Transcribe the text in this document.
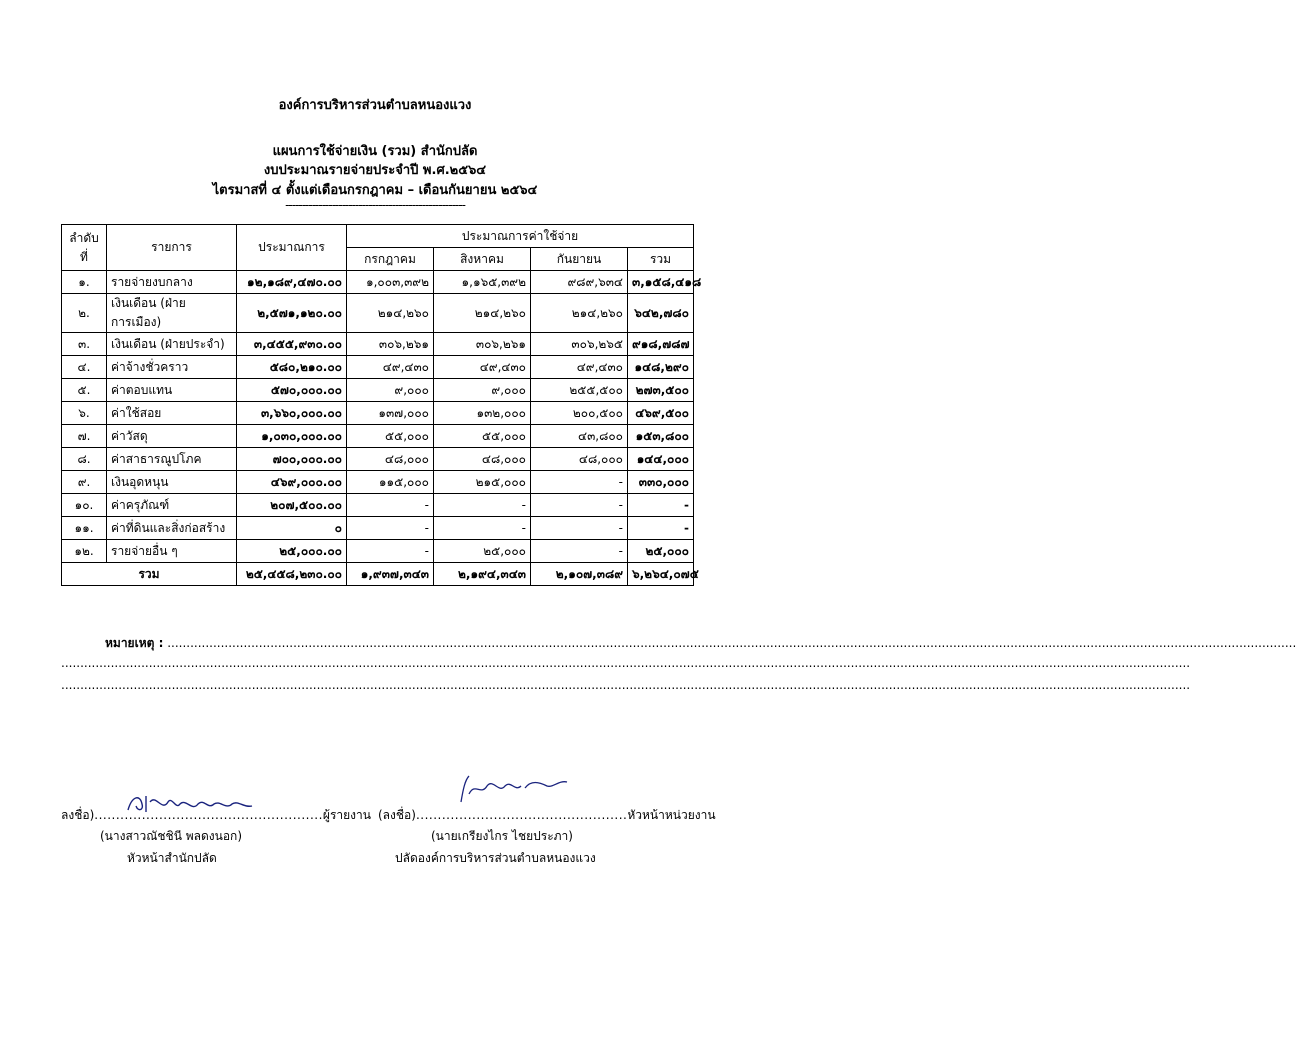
องค์การบริหารส่วนตำบลหนองแวง
แผนการใช้จ่ายเงิน (รวม) สำนักปลัด
งบประมาณรายจ่ายประจำปี พ.ศ.๒๕๖๔
ไตรมาสที่ ๔ ตั้งแต่เดือนกรกฎาคม – เดือนกันยายน ๒๕๖๔
------------------------------------------------------
ลำดับที่	รายการ	ประมาณการ	ประมาณการค่าใช้จ่าย			
			กรกฎาคม	สิงหาคม	กันยายน	รวม
๑.	รายจ่ายงบกลาง	๑๒,๑๘๙,๔๗๐.๐๐	๑,๐๐๓,๓๙๒	๑,๑๖๕,๓๙๒	๙๘๙,๖๓๔	๓,๑๕๘,๔๑๘
๒.	เงินเดือน (ฝ่ายการเมือง)	๒,๕๗๑,๑๒๐.๐๐	๒๑๔,๒๖๐	๒๑๔,๒๖๐	๒๑๔,๒๖๐	๖๔๒,๗๘๐
๓.	เงินเดือน (ฝ่ายประจำ)	๓,๔๕๕,๙๓๐.๐๐	๓๐๖,๒๖๑	๓๐๖,๒๖๑	๓๐๖,๒๖๕	๙๑๘,๗๘๗
๔.	ค่าจ้างชั่วคราว	๕๘๐,๒๑๐.๐๐	๔๙,๔๓๐	๔๙,๔๓๐	๔๙,๔๓๐	๑๔๘,๒๙๐
๕.	ค่าตอบแทน	๕๗๐,๐๐๐.๐๐	๙,๐๐๐	๙,๐๐๐	๒๕๕,๕๐๐	๒๗๓,๕๐๐
๖.	ค่าใช้สอย	๓,๖๖๐,๐๐๐.๐๐	๑๓๗,๐๐๐	๑๓๒,๐๐๐	๒๐๐,๕๐๐	๔๖๙,๕๐๐
๗.	ค่าวัสดุ	๑,๐๓๐,๐๐๐.๐๐	๕๕,๐๐๐	๕๕,๐๐๐	๔๓,๘๐๐	๑๕๓,๘๐๐
๘.	ค่าสาธารณูปโภค	๗๐๐,๐๐๐.๐๐	๔๘,๐๐๐	๔๘,๐๐๐	๔๘,๐๐๐	๑๔๔,๐๐๐
๙.	เงินอุดหนุน	๔๖๙,๐๐๐.๐๐	๑๑๕,๐๐๐	๒๑๕,๐๐๐	-	๓๓๐,๐๐๐
๑๐.	ค่าครุภัณฑ์	๒๐๗,๕๐๐.๐๐	-	-	-	-
๑๑.	ค่าที่ดินและสิ่งก่อสร้าง	๐	-	-	-	-
๑๒.	รายจ่ายอื่น ๆ	๒๕,๐๐๐.๐๐	-	๒๕,๐๐๐	-	๒๕,๐๐๐
รวม		๒๕,๔๕๘,๒๓๐.๐๐	๑,๙๓๗,๓๔๓	๒,๑๙๔,๓๔๓	๒,๑๐๗,๓๘๙	๖,๒๖๔,๐๗๕
หมายเหตุ : ........................................................................................................................................................................................................................................................................................................
........................................................................................................................................................................................................................................................................................................
........................................................................................................................................................................................................................................................................................................
ลงชื่อ).....................................................ผู้รายงาน
(นางสาวณัชชินี พลดงนอก)
หัวหน้าสำนักปลัด
(ลงชื่อ).................................................หัวหน้าหน่วยงาน
(นายเกรียงไกร ไชยประภา)
ปลัดองค์การบริหารส่วนตำบลหนองแวง
